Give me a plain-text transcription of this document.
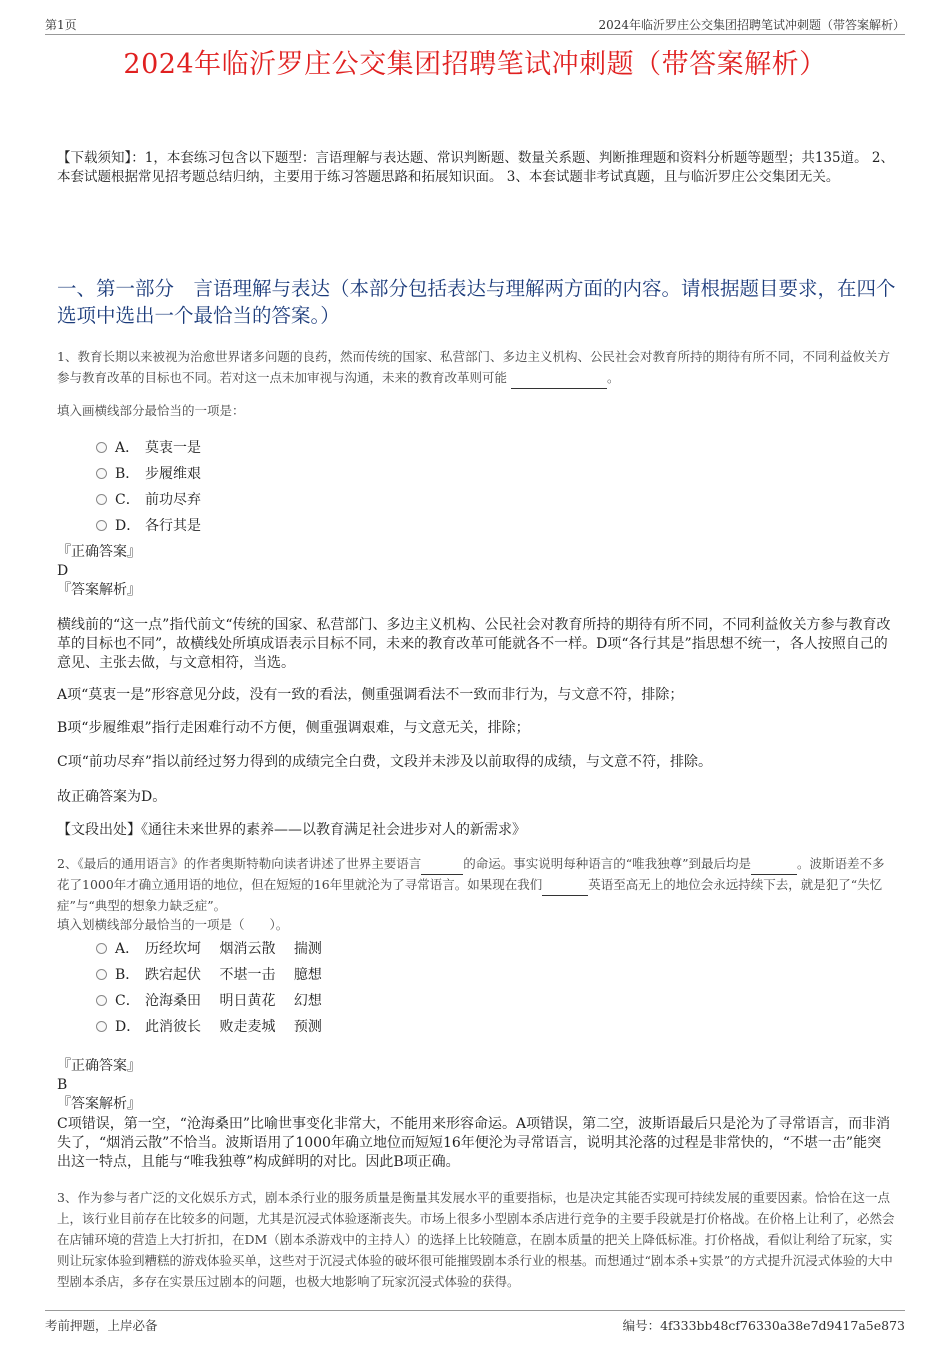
第1页	2024年临沂罗庄公交集团招聘笔试冲刺题（带答案解析）
2024年临沂罗庄公交集团招聘笔试冲刺题（带答案解析）
【下载须知】：1，本套练习包含以下题型：言语理解与表达题、常识判断题、数量关系题、判断推理题和资料分析题等题型；共135道。 2、本套试题根据常见招考题总结归纳，主要用于练习答题思路和拓展知识面。 3、本套试题非考试真题，且与临沂罗庄公交集团无关。
一、第一部分　言语理解与表达（本部分包括表达与理解两方面的内容。请根据题目要求，在四个选项中选出一个最恰当的答案。）
1、教育长期以来被视为治愈世界诸多问题的良药，然而传统的国家、私营部门、多边主义机构、公民社会对教育所持的期待有所不同，不同利益攸关方参与教育改革的目标也不同。若对这一点未加审视与沟通，未来的教育改革则可能	。
填入画横线部分最恰当的一项是：
A． 莫衷一是
B． 步履维艰
C． 前功尽弃
D． 各行其是
『正确答案』
D
『答案解析』
横线前的“这一点”指代前文“传统的国家、私营部门、多边主义机构、公民社会对教育所持的期待有所不同，不同利益攸关方参与教育改革的目标也不同”，故横线处所填成语表示目标不同，未来的教育改革可能就各不一样。D项“各行其是”指思想不统一，各人按照自己的意见、主张去做，与文意相符，当选。
A项“莫衷一是”形容意见分歧，没有一致的看法，侧重强调看法不一致而非行为，与文意不符，排除；
B项“步履维艰”指行走困难行动不方便，侧重强调艰难，与文意无关，排除；
C项“前功尽弃”指以前经过努力得到的成绩完全白费，文段并未涉及以前取得的成绩，与文意不符，排除。
故正确答案为D。
【文段出处】《通往未来世界的素养——以教育满足社会进步对人的新需求》
2、《最后的通用语言》的作者奥斯特勒向读者讲述了世界主要语言	的命运。事实说明每种语言的“唯我独尊”到最后均是	。波斯语差不多花了1000年才确立通用语的地位，但在短短的16年里就沦为了寻常语言。如果现在我们	英语至高无上的地位会永远持续下去，就是犯了“失忆症”与“典型的想象力缺乏症”。
填入划横线部分最恰当的一项是（　　）。
A． 历经坎坷　 烟消云散　 揣测
B． 跌宕起伏　 不堪一击　 臆想
C． 沧海桑田　 明日黄花　 幻想
D． 此消彼长　 败走麦城　 预测
『正确答案』
B
『答案解析』
C项错误，第一空，“沧海桑田”比喻世事变化非常大，不能用来形容命运。A项错误，第二空，波斯语最后只是沦为了寻常语言，而非消失了，“烟消云散”不恰当。波斯语用了1000年确立地位而短短16年便沦为寻常语言，说明其沦落的过程是非常快的，“不堪一击”能突出这一特点，且能与“唯我独尊”构成鲜明的对比。因此B项正确。
3、作为参与者广泛的文化娱乐方式，剧本杀行业的服务质量是衡量其发展水平的重要指标，也是决定其能否实现可持续发展的重要因素。恰恰在这一点上，该行业目前存在比较多的问题，尤其是沉浸式体验逐渐丧失。市场上很多小型剧本杀店进行竞争的主要手段就是打价格战。在价格上让利了，必然会在店铺环境的营造上大打折扣，在DM（剧本杀游戏中的主持人）的选择上比较随意，在剧本质量的把关上降低标准。打价格战，看似让利给了玩家，实则让玩家体验到糟糕的游戏体验买单，这些对于沉浸式体验的破坏很可能摧毁剧本杀行业的根基。而想通过“剧本杀+实景”的方式提升沉浸式体验的大中型剧本杀店，多存在实景压过剧本的问题，也极大地影响了玩家沉浸式体验的获得。
考前押题，上岸必备	编号：4f333bb48cf76330a38e7d9417a5e873
